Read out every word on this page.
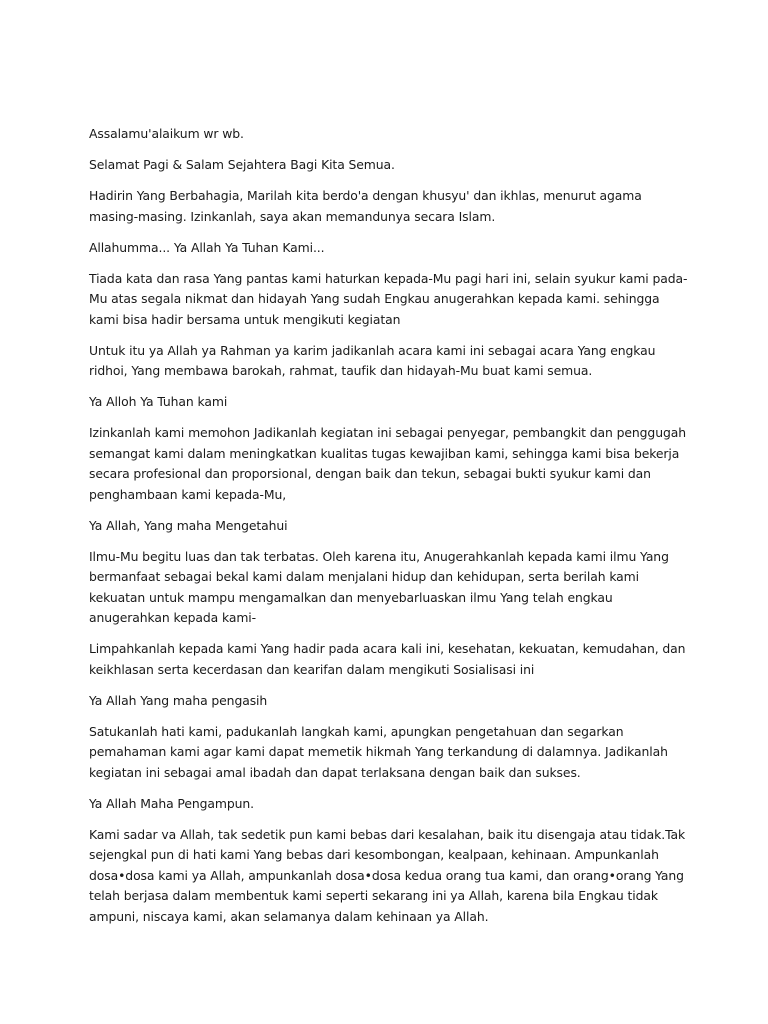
Assalamu'alaikum wr wb.

Selamat Pagi & Salam Sejahtera Bagi Kita Semua.

Hadirin Yang Berbahagia, Marilah kita berdo'a dengan khusyu' dan ikhlas, menurut agama masing-masing. Izinkanlah, saya akan memandunya secara Islam.

Allahumma... Ya Allah Ya Tuhan Kami...

Tiada kata dan rasa Yang pantas kami haturkan kepada-Mu pagi hari ini, selain syukur kami pada-Mu atas segala nikmat dan hidayah Yang sudah Engkau anugerahkan kepada kami. sehingga kami bisa hadir bersama untuk mengikuti kegiatan

Untuk itu ya Allah ya Rahman ya karim jadikanlah acara kami ini sebagai acara Yang engkau ridhoi, Yang membawa barokah, rahmat, taufik dan hidayah-Mu buat kami semua.

Ya Alloh Ya Tuhan kami

Izinkanlah kami memohon Jadikanlah kegiatan ini sebagai penyegar, pembangkit dan penggugah semangat kami dalam meningkatkan kualitas tugas kewajiban kami, sehingga kami bisa bekerja secara profesional dan proporsional, dengan baik dan tekun, sebagai bukti syukur kami dan penghambaan kami kepada-Mu,

Ya Allah, Yang maha Mengetahui

Ilmu-Mu begitu luas dan tak terbatas. Oleh karena itu, Anugerahkanlah kepada kami ilmu Yang bermanfaat sebagai bekal kami dalam menjalani hidup dan kehidupan, serta berilah kami kekuatan untuk mampu mengamalkan dan menyebarluaskan ilmu Yang telah engkau anugerahkan kepada kami-

Limpahkanlah kepada kami Yang hadir pada acara kali ini, kesehatan, kekuatan, kemudahan, dan keikhlasan serta kecerdasan dan kearifan dalam mengikuti Sosialisasi ini

Ya Allah Yang maha pengasih

Satukanlah hati kami, padukanlah langkah kami, apungkan pengetahuan dan segarkan pemahaman kami agar kami dapat memetik hikmah Yang terkandung di dalamnya. Jadikanlah kegiatan ini sebagai amal ibadah dan dapat terlaksana dengan baik dan sukses.

Ya Allah Maha Pengampun.

Kami sadar va Allah, tak sedetik pun kami bebas dari kesalahan, baik itu disengaja atau tidak.Tak sejengkal pun di hati kami Yang bebas dari kesombongan, kealpaan, kehinaan. Ampunkanlah dosa•dosa kami ya Allah, ampunkanlah dosa•dosa kedua orang tua kami, dan orang•orang Yang telah berjasa dalam membentuk kami seperti sekarang ini ya Allah, karena bila Engkau tidak ampuni, niscaya kami, akan selamanya dalam kehinaan ya Allah.
